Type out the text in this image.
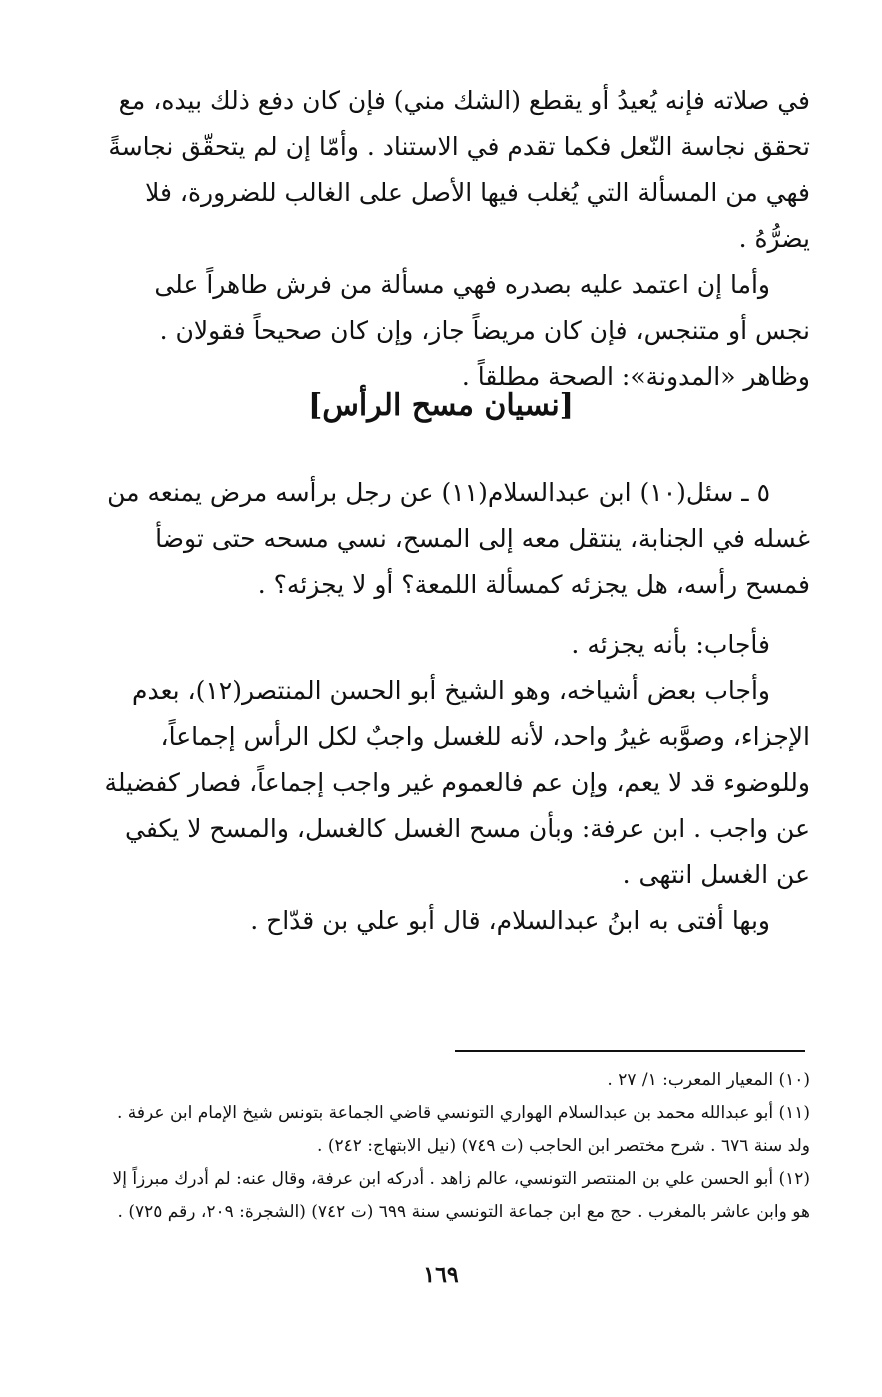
في صلاته فإنه يُعيدُ أو يقطع (الشك مني) فإن كان دفع ذلك بيده، مع تحقق نجاسة النّعل فكما تقدم في الاستناد . وأمّا إن لم يتحقّق نجاسةً فهي من المسألة التي يُغلب فيها الأصل على الغالب للضرورة، فلا يضرُّهُ .

وأما إن اعتمد عليه بصدره فهي مسألة من فرش طاهراً على نجس أو متنجس، فإن كان مريضاً جاز، وإن كان صحيحاً فقولان . وظاهر «المدونة»: الصحة مطلقاً .

[نسيان مسح الرأس]

٥ ـ سئل(١٠) ابن عبدالسلام(١١) عن رجل برأسه مرض يمنعه من غسله في الجنابة، ينتقل معه إلى المسح، نسي مسحه حتى توضأ فمسح رأسه، هل يجزئه كمسألة اللمعة؟ أو لا يجزئه؟ .

فأجاب: بأنه يجزئه .

وأجاب بعض أشياخه، وهو الشيخ أبو الحسن المنتصر(١٢)، بعدم الإجزاء، وصوَّبه غيرُ واحد، لأنه للغسل واجبٌ لكل الرأس إجماعاً، وللوضوء قد لا يعم، وإن عم فالعموم غير واجب إجماعاً، فصار كفضيلة عن واجب . ابن عرفة: وبأن مسح الغسل كالغسل، والمسح لا يكفي عن الغسل انتهى .

وبها أفتى به ابنُ عبدالسلام، قال أبو علي بن قدّاح .

(١٠) المعيار المعرب: ١/ ٢٧ .

(١١) أبو عبدالله محمد بن عبدالسلام الهواري التونسي قاضي الجماعة بتونس شيخ الإمام ابن عرفة . ولد سنة ٦٧٦ . شرح مختصر ابن الحاجب (ت ٧٤٩) (نيل الابتهاج: ٢٤٢) .

(١٢) أبو الحسن علي بن المنتصر التونسي، عالم زاهد . أدركه ابن عرفة، وقال عنه: لم أدرك مبرزاً إلا هو وابن عاشر بالمغرب . حج مع ابن جماعة التونسي سنة ٦٩٩ (ت ٧٤٢) (الشجرة: ٢٠٩، رقم ٧٢٥) .

١٦٩
